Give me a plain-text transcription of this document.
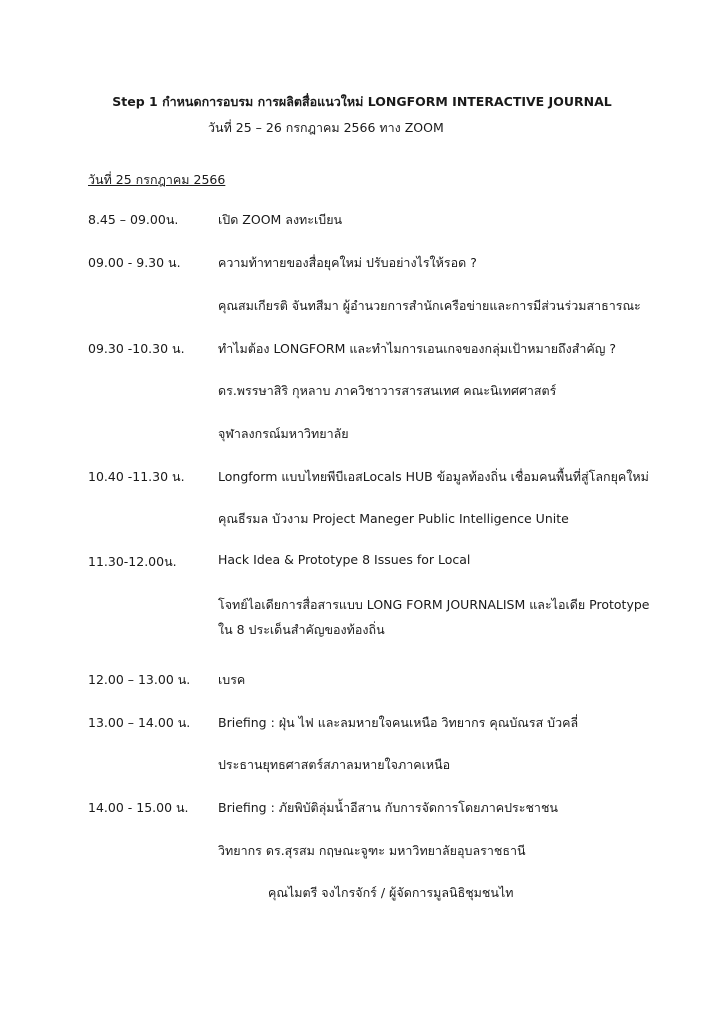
Step 1 กำหนดการอบรม การผลิตสื่อแนวใหม่ LONGFORM INTERACTIVE JOURNAL
วันที่ 25 – 26 กรกฎาคม 2566 ทาง ZOOM
วันที่ 25 กรกฎาคม 2566
8.45 – 09.00น.	เปิด ZOOM ลงทะเบียน
09.00 - 9.30 น.	ความท้าทายของสื่อยุคใหม่ ปรับอย่างไรให้รอด ?
คุณสมเกียรติ จันทสีมา ผู้อำนวยการสำนักเครือข่ายและการมีส่วนร่วมสาธารณะ
09.30 -10.30 น.	ทำไมต้อง LONGFORM และทำไมการเอนเกจของกลุ่มเป้าหมายถึงสำคัญ ?
ดร.พรรษาสิริ กุหลาบ ภาควิชาวารสารสนเทศ คณะนิเทศศาสตร์
จุฬาลงกรณ์มหาวิทยาลัย
10.40 -11.30 น.	Longform แบบไทยพีบีเอสLocals HUB ข้อมูลท้องถิ่น เชื่อมคนพื้นที่สู่โลกยุคใหม่
คุณธีรมล บัวงาม Project Maneger Public Intelligence Unite
11.30-12.00น.	Hack Idea & Prototype 8 Issues for Local
โจทย์ไอเดียการสื่อสารแบบ LONG FORM JOURNALISM และไอเดีย Prototype
ใน 8 ประเด็นสำคัญของท้องถิ่น
12.00 – 13.00 น. เบรค
13.00 – 14.00 น. Briefing : ฝุ่น ไฟ และลมหายใจคนเหนือ วิทยากร คุณบัณรส บัวคลี่
ประธานยุทธศาสตร์สภาลมหายใจภาคเหนือ
14.00 - 15.00 น. Briefing : ภัยพิบัติลุ่มน้ำอีสาน กับการจัดการโดยภาคประชาชน
วิทยากร ดร.สุรสม กฤษณะจูฑะ มหาวิทยาลัยอุบลราชธานี
คุณไมตรี จงไกรจักร์ / ผู้จัดการมูลนิธิชุมชนไท
